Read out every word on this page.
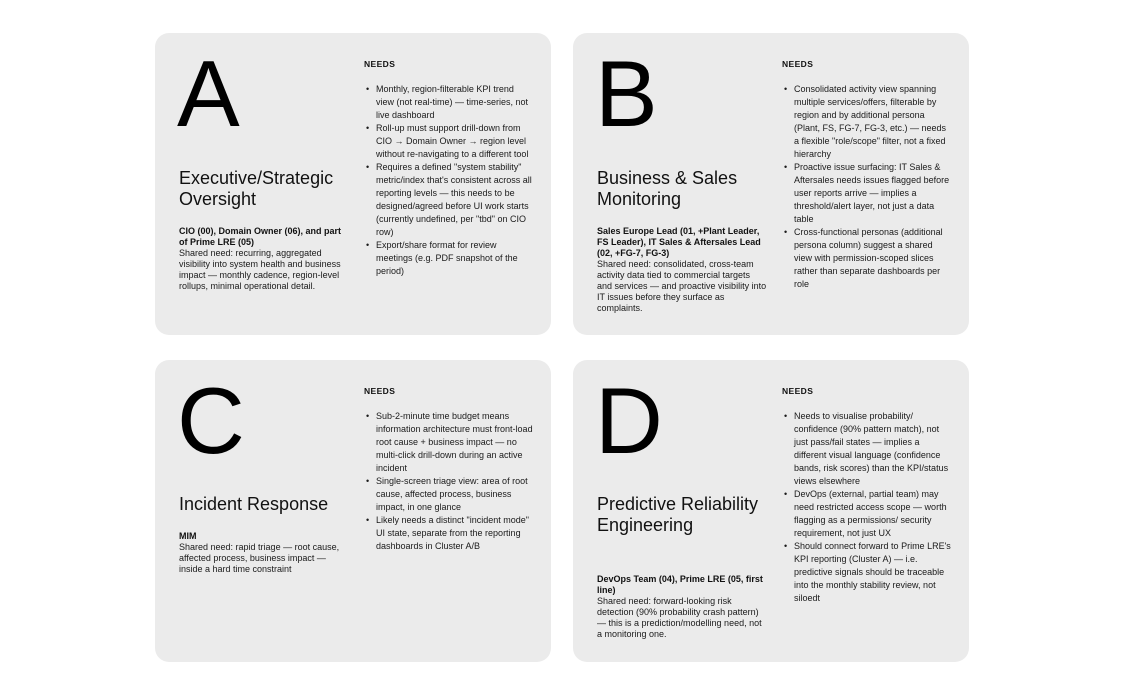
A
Executive/Strategic Oversight
CIO (00), Domain Owner (06), and part of Prime LRE (05)
Shared need: recurring, aggregated visibility into system health and business impact — monthly cadence, region-level rollups, minimal operational detail.
NEEDS
• Monthly, region-filterable KPI trend view (not real-time) — time-series, not live dashboard
• Roll-up must support drill-down from CIO → Domain Owner → region level without re-navigating to a different tool
• Requires a defined "system stability" metric/index that's consistent across all reporting levels — this needs to be designed/agreed before UI work starts (currently undefined, per "tbd" on CIO row)
• Export/share format for review meetings (e.g. PDF snapshot of the period)
B
Business & Sales Monitoring
Sales Europe Lead (01, +Plant Leader, FS Leader), IT Sales & Aftersales Lead (02, +FG-7, FG-3)
Shared need: consolidated, cross-team activity data tied to commercial targets and services — and proactive visibility into IT issues before they surface as complaints.
NEEDS
• Consolidated activity view spanning multiple services/offers, filterable by region and by additional persona (Plant, FS, FG-7, FG-3, etc.) — needs a flexible "role/scope" filter, not a fixed hierarchy
• Proactive issue surfacing: IT Sales & Aftersales needs issues flagged before user reports arrive — implies a threshold/alert layer, not just a data table
• Cross-functional personas (additional persona column) suggest a shared view with permission-scoped slices rather than separate dashboards per role
C
Incident Response
MIM
Shared need: rapid triage — root cause, affected process, business impact — inside a hard time constraint
NEEDS
• Sub-2-minute time budget means information architecture must front-load root cause + business impact — no multi-click drill-down during an active incident
• Single-screen triage view: area of root cause, affected process, business impact, in one glance
• Likely needs a distinct "incident mode" UI state, separate from the reporting dashboards in Cluster A/B
D
Predictive Reliability Engineering
DevOps Team (04), Prime LRE (05, first line)
Shared need: forward-looking risk detection (90% probability crash pattern) — this is a prediction/modelling need, not a monitoring one.
NEEDS
• Needs to visualise probability/ confidence (90% pattern match), not just pass/fail states — implies a different visual language (confidence bands, risk scores) than the KPI/status views elsewhere
• DevOps (external, partial team) may need restricted access scope — worth flagging as a permissions/ security requirement, not just UX
• Should connect forward to Prime LRE's KPI reporting (Cluster A) — i.e. predictive signals should be traceable into the monthly stability review, not siloedt
